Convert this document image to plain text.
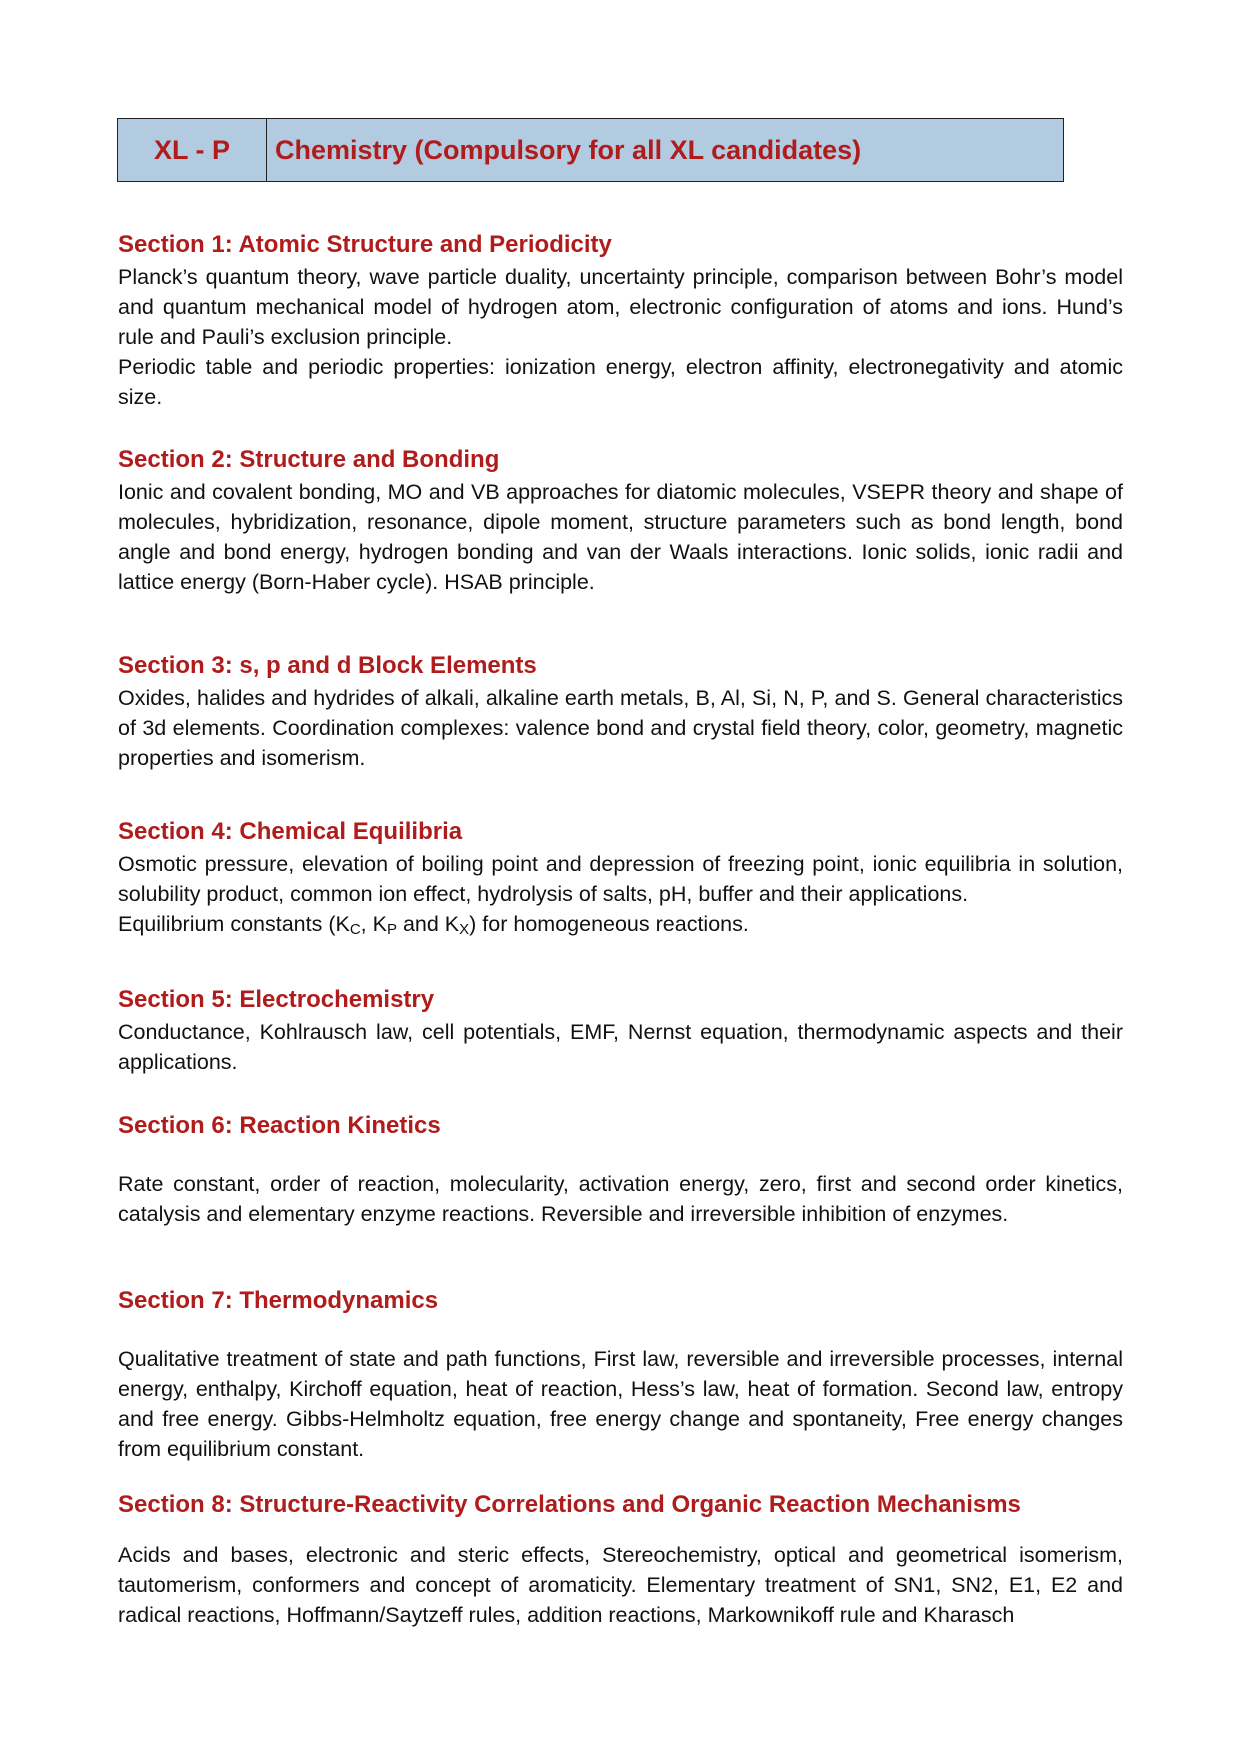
XL - P	Chemistry (Compulsory for all XL candidates)
Section 1: Atomic Structure and Periodicity
Planck’s quantum theory, wave particle duality, uncertainty principle, comparison between Bohr’s model and quantum mechanical model of hydrogen atom, electronic configuration of atoms and ions. Hund’s rule and Pauli’s exclusion principle.
Periodic table and periodic properties: ionization energy, electron affinity, electronegativity and atomic size.
Section 2: Structure and Bonding
Ionic and covalent bonding, MO and VB approaches for diatomic molecules, VSEPR theory and shape of molecules, hybridization, resonance, dipole moment, structure parameters such as bond length, bond angle and bond energy, hydrogen bonding and van der Waals interactions. Ionic solids, ionic radii and lattice energy (Born-Haber cycle). HSAB principle.
Section 3: s, p and d Block Elements
Oxides, halides and hydrides of alkali, alkaline earth metals, B, Al, Si, N, P, and S. General characteristics of 3d elements. Coordination complexes: valence bond and crystal field theory, color, geometry, magnetic properties and isomerism.
Section 4: Chemical Equilibria
Osmotic pressure, elevation of boiling point and depression of freezing point, ionic equilibria in solution, solubility product, common ion effect, hydrolysis of salts, pH, buffer and their applications.
Equilibrium constants ($K_C$, $K_P$ and $K_X$) for homogeneous reactions.
Section 5: Electrochemistry
Conductance, Kohlrausch law, cell potentials, EMF, Nernst equation, thermodynamic aspects and their applications.
Section 6: Reaction Kinetics
Rate constant, order of reaction, molecularity, activation energy, zero, first and second order kinetics, catalysis and elementary enzyme reactions. Reversible and irreversible inhibition of enzymes.
Section 7: Thermodynamics
Qualitative treatment of state and path functions, First law, reversible and irreversible processes, internal energy, enthalpy, Kirchoff equation, heat of reaction, Hess’s law, heat of formation. Second law, entropy and free energy. Gibbs-Helmholtz equation, free energy change and spontaneity, Free energy changes from equilibrium constant.
Section 8: Structure-Reactivity Correlations and Organic Reaction Mechanisms
Acids and bases, electronic and steric effects, Stereochemistry, optical and geometrical isomerism, tautomerism, conformers and concept of aromaticity. Elementary treatment of SN1, SN2, E1, E2 and radical reactions, Hoffmann/Saytzeff rules, addition reactions, Markownikoff rule and Kharasch
